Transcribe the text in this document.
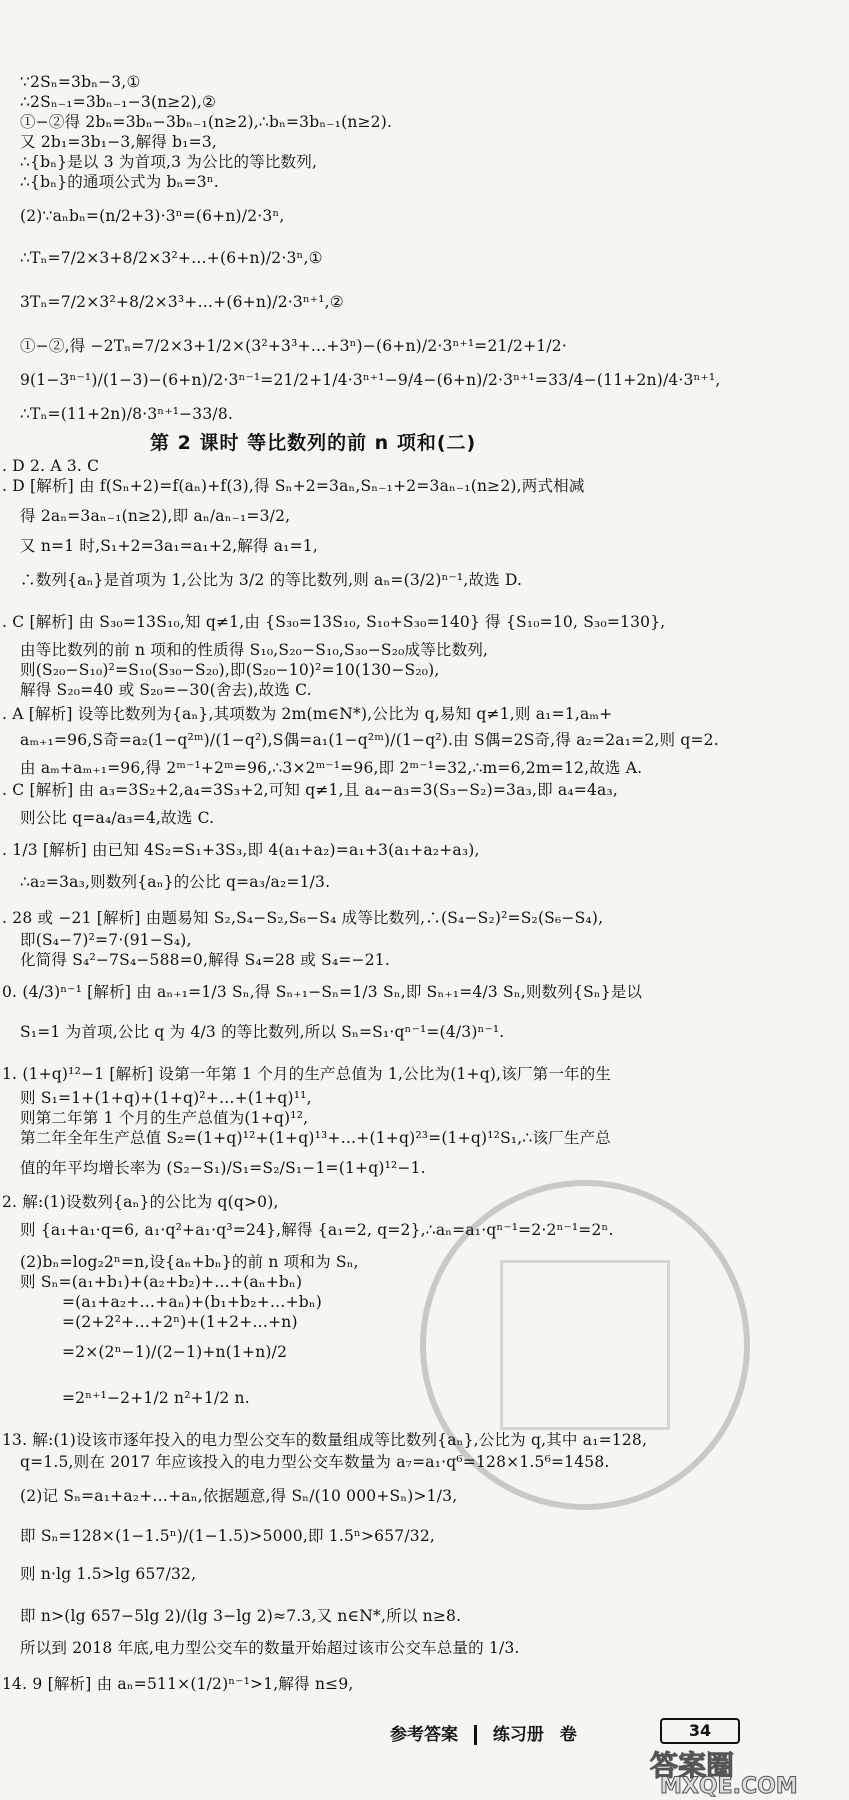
∵2Sₙ=3bₙ−3,①
∴2Sₙ₋₁=3bₙ₋₁−3(n≥2),②
①−②得 2bₙ=3bₙ−3bₙ₋₁(n≥2),∴bₙ=3bₙ₋₁(n≥2).
又 2b₁=3b₁−3,解得 b₁=3,
∴{bₙ}是以 3 为首项,3 为公比的等比数列,
∴{bₙ}的通项公式为 bₙ=3ⁿ.
(2)∵aₙbₙ=(n/2+3)·3ⁿ=(6+n)/2·3ⁿ,
∴Tₙ=7/2×3+8/2×3²+…+(6+n)/2·3ⁿ,①
3Tₙ=7/2×3²+8/2×3³+…+(6+n)/2·3ⁿ⁺¹,②
①−②,得 −2Tₙ=7/2×3+1/2×(3²+3³+…+3ⁿ)−(6+n)/2·3ⁿ⁺¹=21/2+1/2·
9(1−3ⁿ⁻¹)/(1−3)−(6+n)/2·3ⁿ⁻¹=21/2+1/4·3ⁿ⁺¹−9/4−(6+n)/2·3ⁿ⁺¹=33/4−(11+2n)/4·3ⁿ⁺¹,
∴Tₙ=(11+2n)/8·3ⁿ⁺¹−33/8.
第 2 课时 等比数列的前 n 项和(二)
. D 2. A 3. C
. D [解析] 由 f(Sₙ+2)=f(aₙ)+f(3),得 Sₙ+2=3aₙ,Sₙ₋₁+2=3aₙ₋₁(n≥2),两式相减
得 2aₙ=3aₙ₋₁(n≥2),即 aₙ/aₙ₋₁=3/2,
又 n=1 时,S₁+2=3a₁=a₁+2,解得 a₁=1,
∴数列{aₙ}是首项为 1,公比为 3/2 的等比数列,则 aₙ=(3/2)ⁿ⁻¹,故选 D.
. C [解析] 由 S₃₀=13S₁₀,知 q≠1,由 {S₃₀=13S₁₀, S₁₀+S₃₀=140} 得 {S₁₀=10, S₃₀=130},
由等比数列的前 n 项和的性质得 S₁₀,S₂₀−S₁₀,S₃₀−S₂₀成等比数列,
则(S₂₀−S₁₀)²=S₁₀(S₃₀−S₂₀),即(S₂₀−10)²=10(130−S₂₀),
解得 S₂₀=40 或 S₂₀=−30(舍去),故选 C.
. A [解析] 设等比数列为{aₙ},其项数为 2m(m∈N*),公比为 q,易知 q≠1,则 a₁=1,aₘ+
aₘ₊₁=96,S奇=a₂(1−q²ᵐ)/(1−q²),S偶=a₁(1−q²ᵐ)/(1−q²).由 S偶=2S奇,得 a₂=2a₁=2,则 q=2.
由 aₘ+aₘ₊₁=96,得 2ᵐ⁻¹+2ᵐ=96,∴3×2ᵐ⁻¹=96,即 2ᵐ⁻¹=32,∴m=6,2m=12,故选 A.
. C [解析] 由 a₃=3S₂+2,a₄=3S₃+2,可知 q≠1,且 a₄−a₃=3(S₃−S₂)=3a₃,即 a₄=4a₃,
则公比 q=a₄/a₃=4,故选 C.
. 1/3 [解析] 由已知 4S₂=S₁+3S₃,即 4(a₁+a₂)=a₁+3(a₁+a₂+a₃),
∴a₂=3a₃,则数列{aₙ}的公比 q=a₃/a₂=1/3.
. 28 或 −21 [解析] 由题易知 S₂,S₄−S₂,S₆−S₄ 成等比数列,∴(S₄−S₂)²=S₂(S₆−S₄),
即(S₄−7)²=7·(91−S₄),
化简得 S₄²−7S₄−588=0,解得 S₄=28 或 S₄=−21.
0. (4/3)ⁿ⁻¹ [解析] 由 aₙ₊₁=1/3 Sₙ,得 Sₙ₊₁−Sₙ=1/3 Sₙ,即 Sₙ₊₁=4/3 Sₙ,则数列{Sₙ}是以
S₁=1 为首项,公比 q 为 4/3 的等比数列,所以 Sₙ=S₁·qⁿ⁻¹=(4/3)ⁿ⁻¹.
1. (1+q)¹²−1 [解析] 设第一年第 1 个月的生产总值为 1,公比为(1+q),该厂第一年的生
则 S₁=1+(1+q)+(1+q)²+…+(1+q)¹¹,
则第二年第 1 个月的生产总值为(1+q)¹²,
第二年全年生产总值 S₂=(1+q)¹²+(1+q)¹³+…+(1+q)²³=(1+q)¹²S₁,∴该厂生产总
值的年平均增长率为 (S₂−S₁)/S₁=S₂/S₁−1=(1+q)¹²−1.
2. 解:(1)设数列{aₙ}的公比为 q(q>0),
则 {a₁+a₁·q=6, a₁·q²+a₁·q³=24},解得 {a₁=2, q=2},∴aₙ=a₁·qⁿ⁻¹=2·2ⁿ⁻¹=2ⁿ.
(2)bₙ=log₂2ⁿ=n,设{aₙ+bₙ}的前 n 项和为 Sₙ,
则 Sₙ=(a₁+b₁)+(a₂+b₂)+…+(aₙ+bₙ)
=(a₁+a₂+…+aₙ)+(b₁+b₂+…+bₙ)
=(2+2²+…+2ⁿ)+(1+2+…+n)
=2×(2ⁿ−1)/(2−1)+n(1+n)/2
=2ⁿ⁺¹−2+1/2 n²+1/2 n.
13. 解:(1)设该市逐年投入的电力型公交车的数量组成等比数列{aₙ},公比为 q,其中 a₁=128,
q=1.5,则在 2017 年应该投入的电力型公交车数量为 a₇=a₁·q⁶=128×1.5⁶=1458.
(2)记 Sₙ=a₁+a₂+…+aₙ,依据题意,得 Sₙ/(10 000+Sₙ)>1/3,
即 Sₙ=128×(1−1.5ⁿ)/(1−1.5)>5000,即 1.5ⁿ>657/32,
则 n·lg 1.5>lg 657/32,
即 n>(lg 657−5lg 2)/(lg 3−lg 2)≈7.3,又 n∈N*,所以 n≥8.
所以到 2018 年底,电力型公交车的数量开始超过该市公交车总量的 1/3.
14. 9 [解析] 由 aₙ=511×(1/2)ⁿ⁻¹>1,解得 n≤9,
参考答案 练习册 卷	34
答案圈
MXQE.COM
